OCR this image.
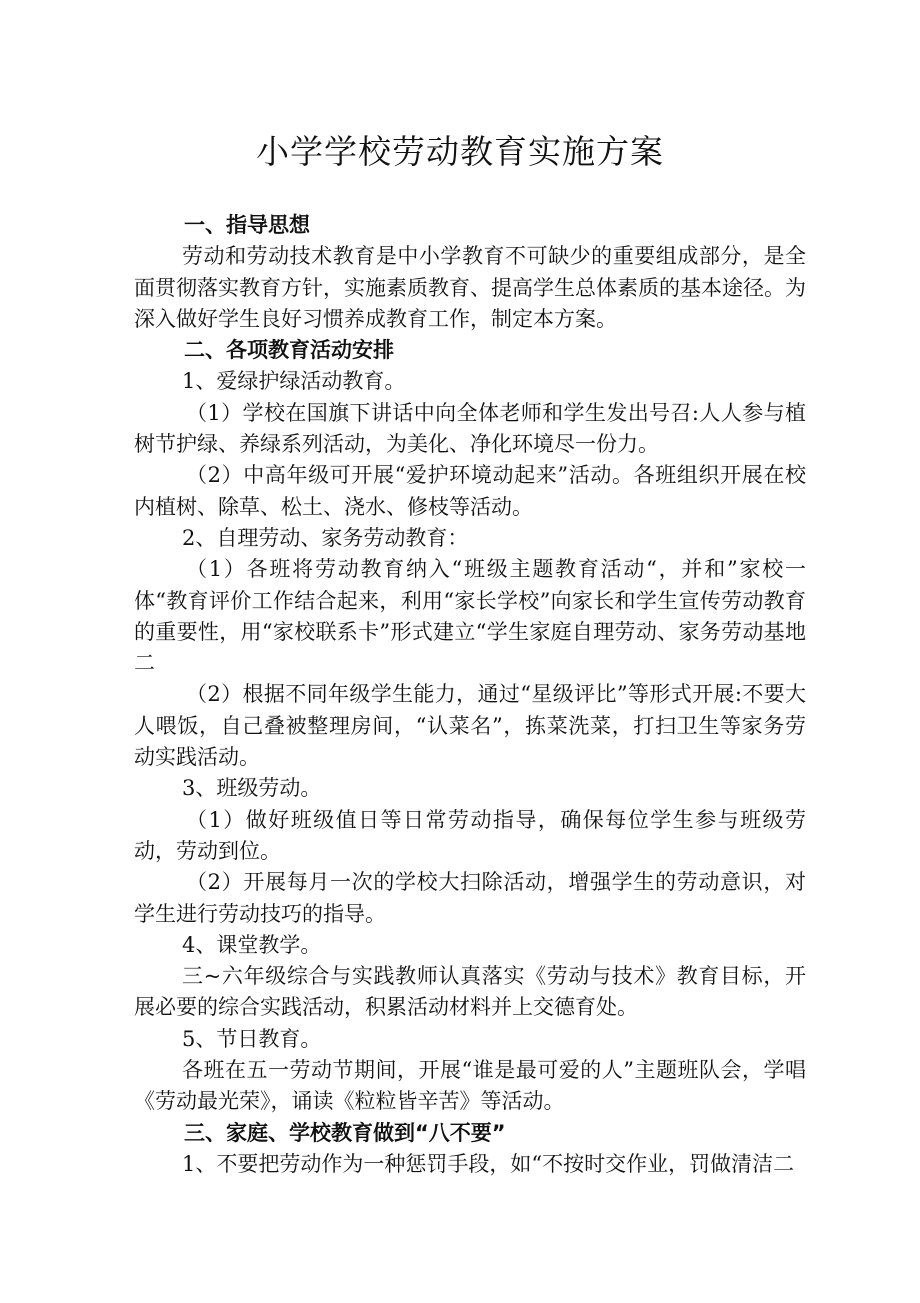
小学学校劳动教育实施方案
一、指导思想

劳动和劳动技术教育是中小学教育不可缺少的重要组成部分，是全面贯彻落实教育方针，实施素质教育、提高学生总体素质的基本途径。为深入做好学生良好习惯养成教育工作，制定本方案。

二、各项教育活动安排

1、爱绿护绿活动教育。

（1）学校在国旗下讲话中向全体老师和学生发出号召:人人参与植树节护绿、养绿系列活动，为美化、净化环境尽一份力。

（2）中高年级可开展“爱护环境动起来”活动。各班组织开展在校内植树、除草、松土、浇水、修枝等活动。

2、自理劳动、家务劳动教育：

（1）各班将劳动教育纳入“班级主题教育活动“，并和”家校一体“教育评价工作结合起来，利用“家长学校”向家长和学生宣传劳动教育的重要性，用“家校联系卡”形式建立“学生家庭自理劳动、家务劳动基地二

（2）根据不同年级学生能力，通过“星级评比”等形式开展:不要大人喂饭，自己叠被整理房间，“认菜名”，拣菜洗菜，打扫卫生等家务劳动实践活动。

3、班级劳动。

（1）做好班级值日等日常劳动指导，确保每位学生参与班级劳动，劳动到位。

（2）开展每月一次的学校大扫除活动，增强学生的劳动意识，对学生进行劳动技巧的指导。

4、课堂教学。

三~六年级综合与实践教师认真落实《劳动与技术》教育目标，开展必要的综合实践活动，积累活动材料并上交德育处。

5、节日教育。

各班在五一劳动节期间，开展“谁是最可爱的人”主题班队会，学唱《劳动最光荣》，诵读《粒粒皆辛苦》等活动。

三、家庭、学校教育做到“八不要”

1、不要把劳动作为一种惩罚手段，如“不按时交作业，罚做清洁二
